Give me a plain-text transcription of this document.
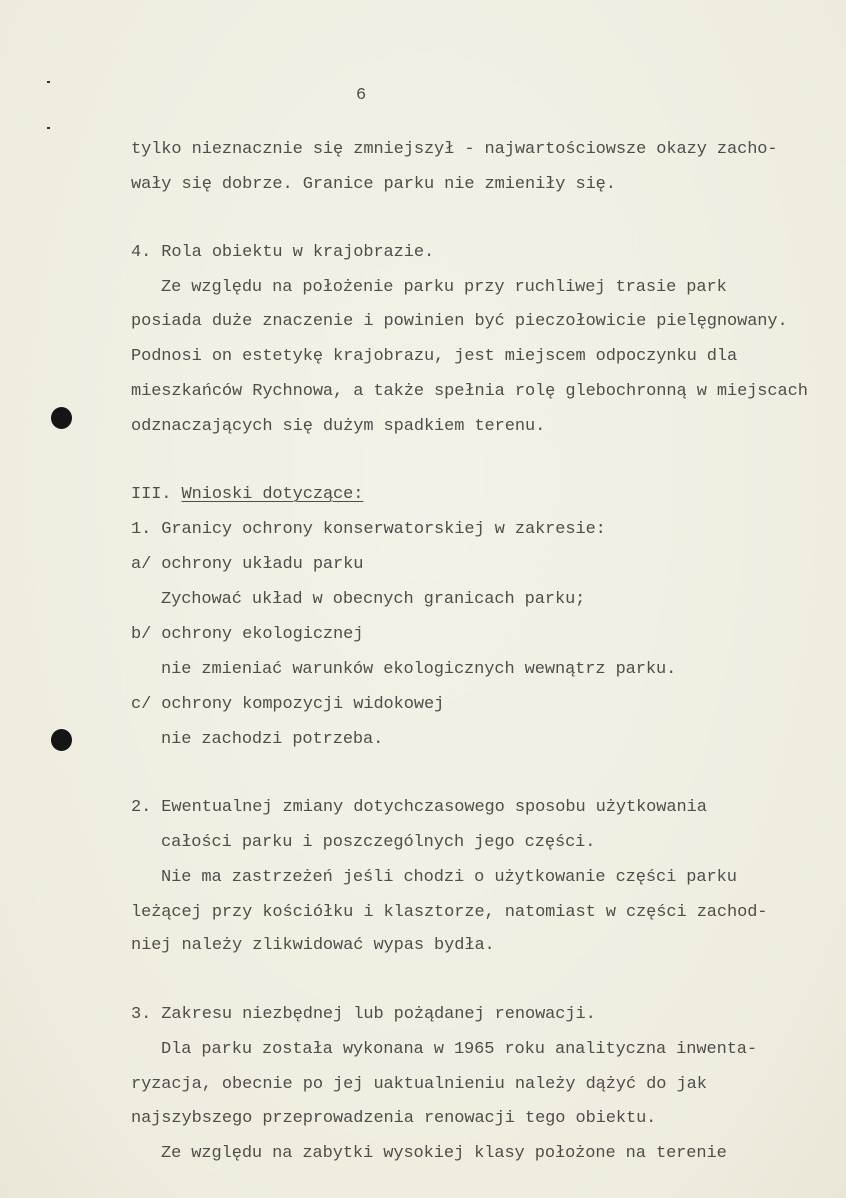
6
tylko nieznacznie się zmniejszył - najwartościowsze okazy zacho-
wały się dobrze. Granice parku nie zmieniły się.
4. Rola obiektu w krajobrazie.
Ze względu na położenie parku przy ruchliwej trasie park
posiada duże znaczenie i powinien być pieczołowicie pielęgnowany.
Podnosi on estetykę krajobrazu, jest miejscem odpoczynku dla
mieszkańców Rychnowa, a także spełnia rolę glebochronną w miejscach
odznaczających się dużym spadkiem terenu.
III. Wnioski dotyczące:
1. Granicy ochrony konserwatorskiej w zakresie:
a/ ochrony układu parku
Zychować układ w obecnych granicach parku;
b/ ochrony ekologicznej
nie zmieniać warunków ekologicznych wewnątrz parku.
c/ ochrony kompozycji widokowej
nie zachodzi potrzeba.
2. Ewentualnej zmiany dotychczasowego sposobu użytkowania
całości parku i poszczególnych jego części.
Nie ma zastrzeżeń jeśli chodzi o użytkowanie części parku
leżącej przy kościółku i klasztorze, natomiast w części zachod-
niej należy zlikwidować wypas bydła.
3. Zakresu niezbędnej lub pożądanej renowacji.
Dla parku została wykonana w 1965 roku analityczna inwenta-
ryzacja, obecnie po jej uaktualnieniu należy dążyć do jak
najszybszego przeprowadzenia renowacji tego obiektu.
Ze względu na zabytki wysokiej klasy położone na terenie
